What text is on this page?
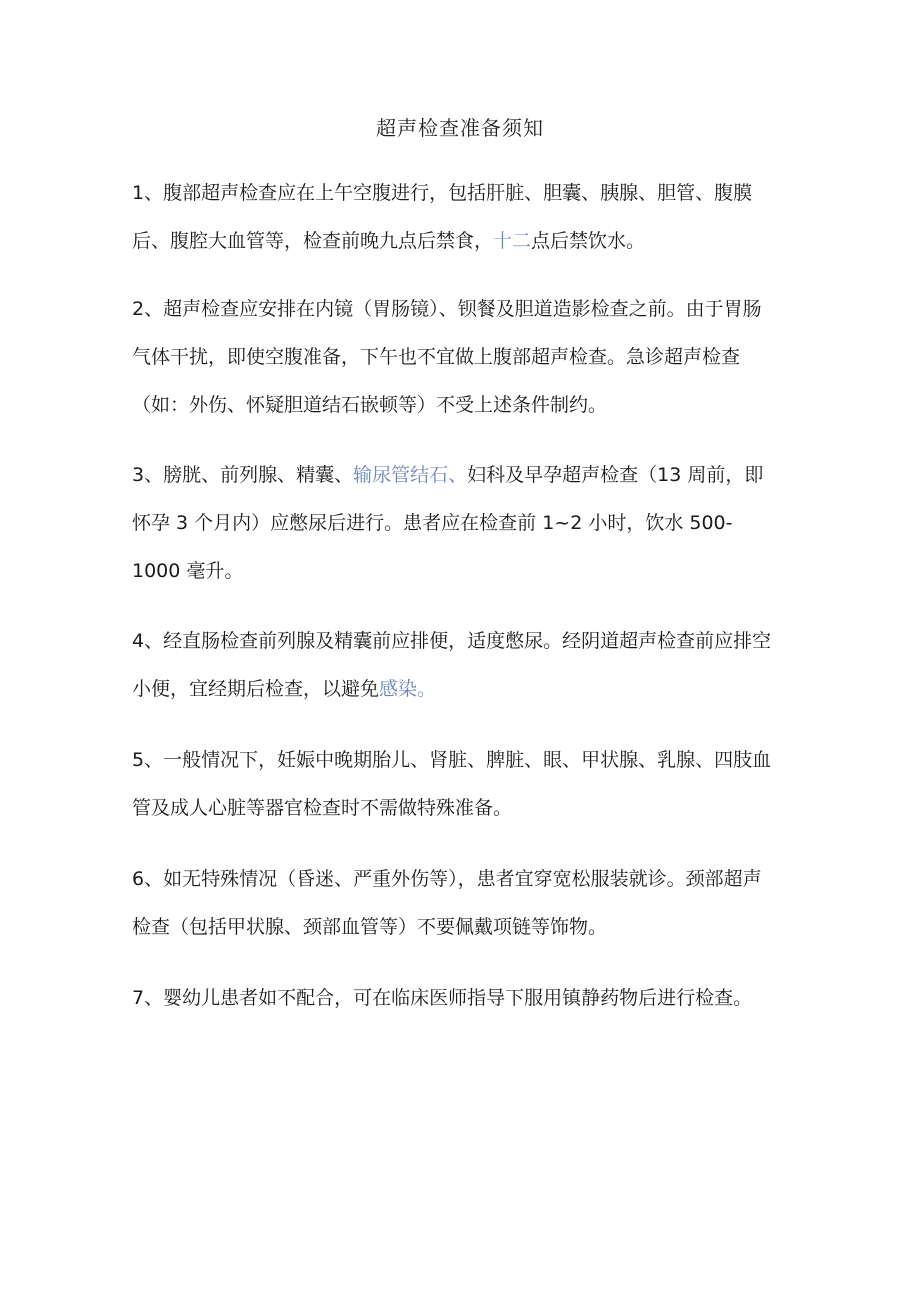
超声检查准备须知

1、腹部超声检查应在上午空腹进行，包括肝脏、胆囊、胰腺、胆管、腹膜后、腹腔大血管等，检查前晚九点后禁食，十二点后禁饮水。

2、超声检查应安排在内镜（胃肠镜）、钡餐及胆道造影检查之前。由于胃肠气体干扰，即使空腹准备，下午也不宜做上腹部超声检查。急诊超声检查（如：外伤、怀疑胆道结石嵌顿等）不受上述条件制约。

3、膀胱、前列腺、精囊、输尿管结石、妇科及早孕超声检查（13 周前，即怀孕 3 个月内）应憋尿后进行。患者应在检查前 1~2 小时，饮水 500-1000 毫升。

4、经直肠检查前列腺及精囊前应排便，适度憋尿。经阴道超声检查前应排空小便，宜经期后检查，以避免感染。

5、一般情况下，妊娠中晚期胎儿、肾脏、脾脏、眼、甲状腺、乳腺、四肢血管及成人心脏等器官检查时不需做特殊准备。

6、如无特殊情况（昏迷、严重外伤等），患者宜穿宽松服装就诊。颈部超声检查（包括甲状腺、颈部血管等）不要佩戴项链等饰物。

7、婴幼儿患者如不配合，可在临床医师指导下服用镇静药物后进行检查。
